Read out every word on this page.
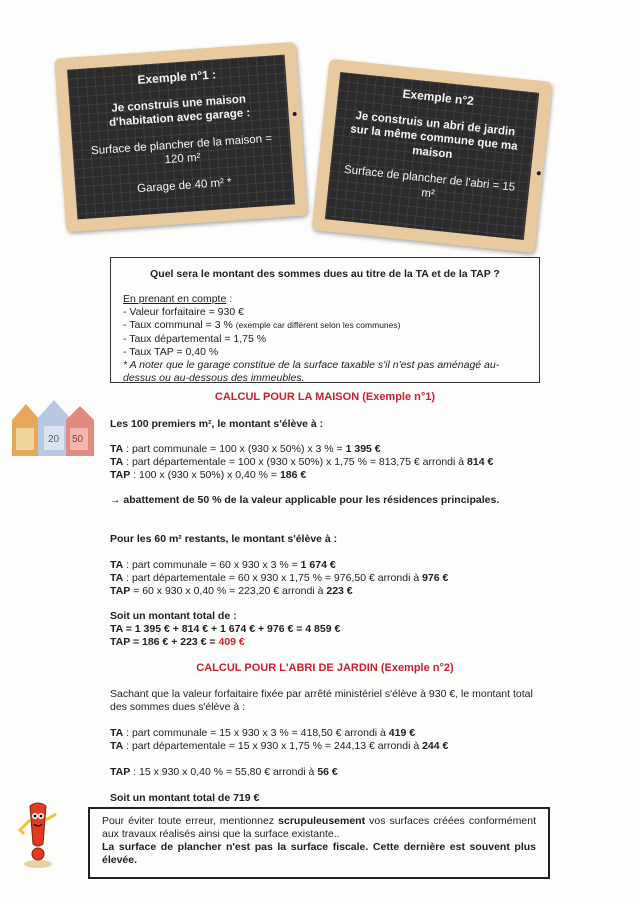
Exemple n°1 :
Je construis une maison d'habitation avec garage :
Surface de plancher de la maison = 120 m²
Garage de 40 m² *
Exemple n°2
Je construis un abri de jardin sur la même commune que ma maison
Surface de plancher de l'abri = 15 m²
Quel sera le montant des sommes dues au titre de la TA et de la TAP ?
En prenant en compte :
- Valeur forfaitaire = 930 €
- Taux communal = 3 % (exemple car différent selon les communes)
- Taux départemental = 1,75 %
- Taux TAP = 0,40 %
* A noter que le garage constitue de la surface taxable s'il n'est pas aménagé au-dessus ou au-dessous des immeubles.
20 50
CALCUL POUR LA MAISON (Exemple n°1)
Les 100 premiers m², le montant s'élève à :
TA : part communale = 100 x (930 x 50%) x 3 % = 1 395 €
TA : part départementale = 100 x (930 x 50%) x 1,75 % = 813,75 € arrondi à 814 €
TAP : 100 x (930 x 50%) x 0,40 % = 186 €
→ abattement de 50 % de la valeur applicable pour les résidences principales.
Pour les 60 m² restants, le montant s'élève à :
TA : part communale = 60 x 930 x 3 % = 1 674 €
TA : part départementale = 60 x 930 x 1,75 % = 976,50 € arrondi à 976 €
TAP = 60 x 930 x 0,40 % = 223,20 € arrondi à 223 €
Soit un montant total de :
TA = 1 395 € + 814 € + 1 674 € + 976 € = 4 859 €
TAP = 186 € + 223 € = 409 €
CALCUL POUR L'ABRI DE JARDIN (Exemple n°2)
Sachant que la valeur forfaitaire fixée par arrêté ministériel s'élève à 930 €, le montant total des sommes dues s'élève à :
TA : part communale = 15 x 930 x 3 % = 418,50 € arrondi à 419 €
TA : part départementale = 15 x 930 x 1,75 % = 244,13 € arrondi à 244 €
TAP : 15 x 930 x 0,40 % = 55,80 € arrondi à 56 €
Soit un montant total de 719 €
Pour éviter toute erreur, mentionnez scrupuleusement vos surfaces créées conformément aux travaux réalisés ainsi que la surface existante..
La surface de plancher n'est pas la surface fiscale. Cette dernière est souvent plus élevée.
